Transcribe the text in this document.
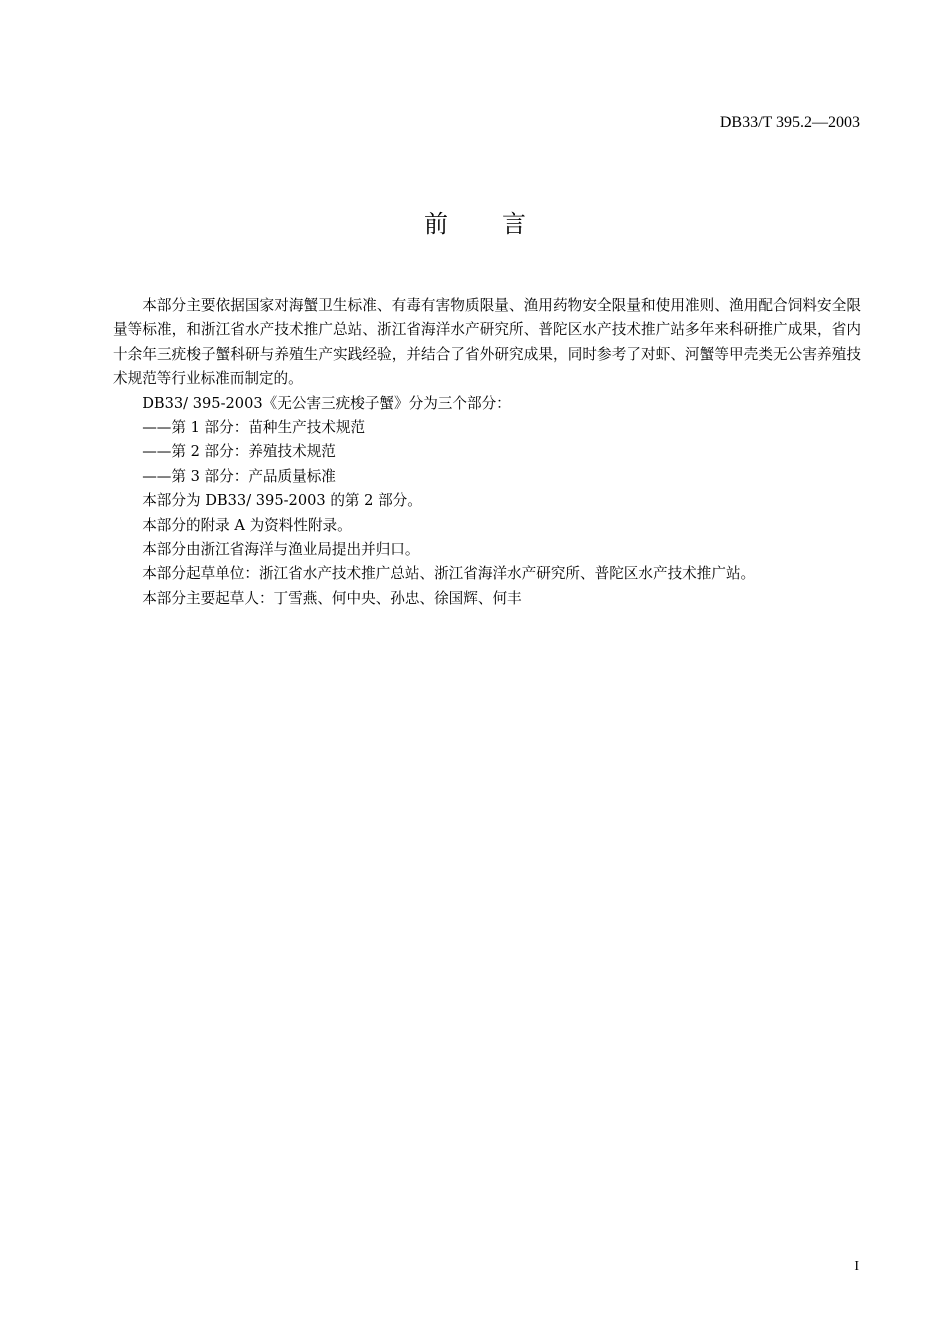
DB33/T 395.2—2003
前言

本部分主要依据国家对海蟹卫生标准、有毒有害物质限量、渔用药物安全限量和使用准则、渔用配合饲料安全限量等标准，和浙江省水产技术推广总站、浙江省海洋水产研究所、普陀区水产技术推广站多年来科研推广成果，省内十余年三疣梭子蟹科研与养殖生产实践经验，并结合了省外研究成果，同时参考了对虾、河蟹等甲壳类无公害养殖技术规范等行业标准而制定的。

DB33/ 395-2003《无公害三疣梭子蟹》分为三个部分：

——第 1 部分：苗种生产技术规范

——第 2 部分：养殖技术规范

——第 3 部分：产品质量标准

本部分为 DB33/ 395-2003 的第 2 部分。

本部分的附录 A 为资料性附录。

本部分由浙江省海洋与渔业局提出并归口。

本部分起草单位：浙江省水产技术推广总站、浙江省海洋水产研究所、普陀区水产技术推广站。

本部分主要起草人：丁雪燕、何中央、孙忠、徐国辉、何丰

I
